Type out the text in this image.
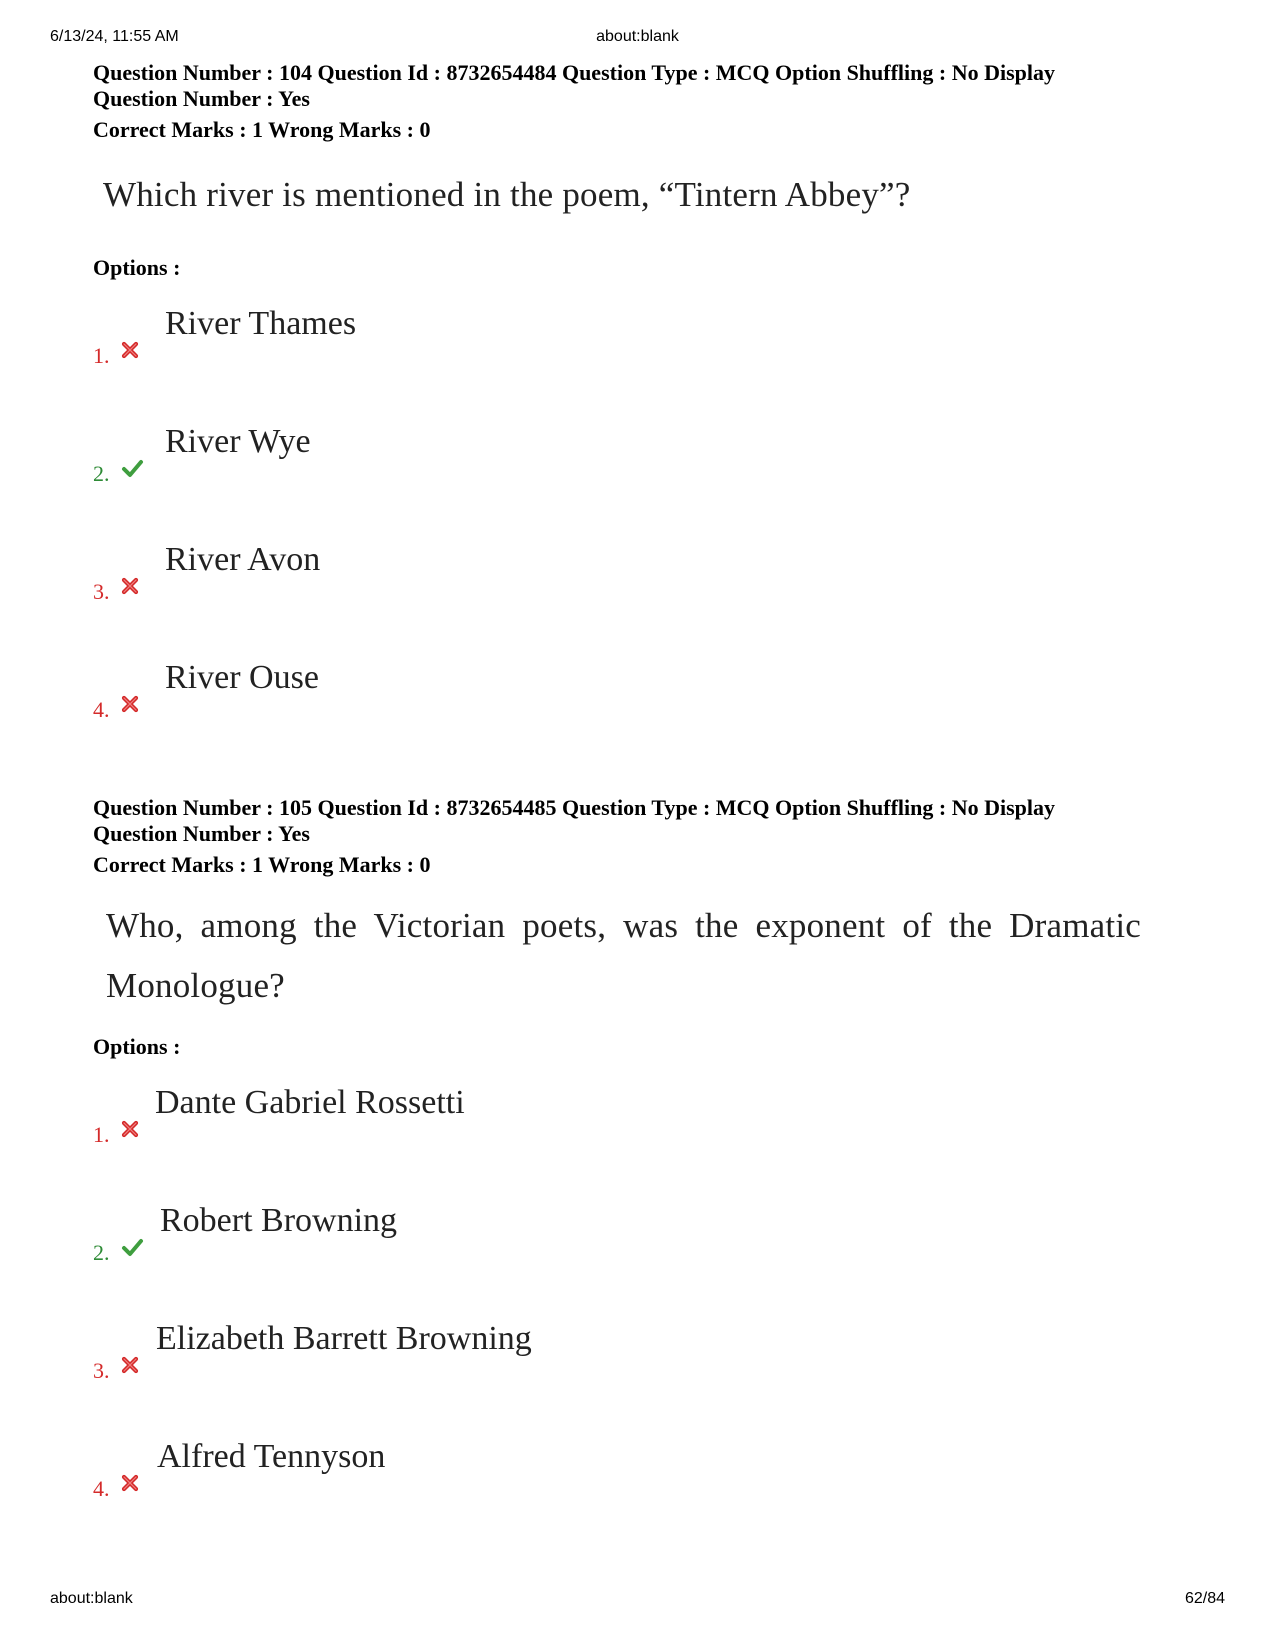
6/13/24, 11:55 AM	about:blank
Question Number : 104 Question Id : 8732654484 Question Type : MCQ Option Shuffling : No Display
Question Number : Yes
Correct Marks : 1 Wrong Marks : 0
Which river is mentioned in the poem, “Tintern Abbey”?
Options :
1.
River Thames
2.
River Wye
3.
River Avon
4.
River Ouse
Question Number : 105 Question Id : 8732654485 Question Type : MCQ Option Shuffling : No Display
Question Number : Yes
Correct Marks : 1 Wrong Marks : 0
Who, among the Victorian poets, was the exponent of the Dramatic Monologue?
Options :
1.
Dante Gabriel Rossetti
2.
Robert Browning
3.
Elizabeth Barrett Browning
4.
Alfred Tennyson
about:blank	62/84
